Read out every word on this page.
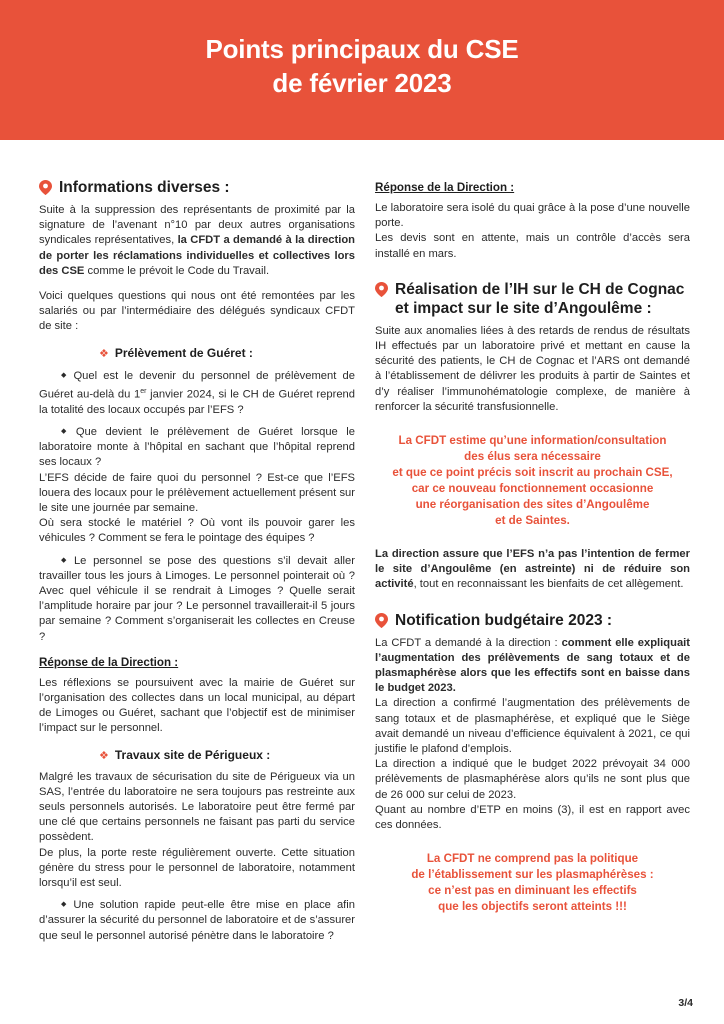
Points principaux du CSE
de février 2023
Informations diverses :

Suite à la suppression des représentants de proximité par la signature de l’avenant n°10 par deux autres organisations syndicales représentatives, la CFDT a demandé à la direction de porter les réclamations individuelles et collectives lors des CSE comme le prévoit le Code du Travail.

Voici quelques questions qui nous ont été remontées par les salariés ou par l’intermédiaire des délégués syndicaux CFDT de site :

❖ Prélèvement de Guéret :

◆ Quel est le devenir du personnel de prélèvement de Guéret au-delà du 1er janvier 2024, si le CH de Guéret reprend la totalité des locaux occupés par l’EFS ?

◆ Que devient le prélèvement de Guéret lorsque le laboratoire monte à l’hôpital en sachant que l’hôpital reprend ses locaux ?

L’EFS décide de faire quoi du personnel ? Est-ce que l’EFS louera des locaux pour le prélèvement actuellement présent sur le site une journée par semaine.

Où sera stocké le matériel ? Où vont ils pouvoir garer les véhicules ? Comment se fera le pointage des équipes ?

◆ Le personnel se pose des questions s’il devait aller travailler tous les jours à Limoges. Le personnel pointerait où ? Avec quel véhicule il se rendrait à Limoges ? Quelle serait l’amplitude horaire par jour ? Le personnel travaillerait-il 5 jours par semaine ? Comment s’organiserait les collectes en Creuse ?

Réponse de la Direction :

Les réflexions se poursuivent avec la mairie de Guéret sur l’organisation des collectes dans un local municipal, au départ de Limoges ou Guéret, sachant que l’objectif est de minimiser l’impact sur le personnel.

❖ Travaux site de Périgueux :

Malgré les travaux de sécurisation du site de Périgueux via un SAS, l’entrée du laboratoire ne sera toujours pas restreinte aux seuls personnels autorisés. Le laboratoire peut être fermé par une clé que certains personnels ne faisant pas parti du service possèdent.

De plus, la porte reste régulièrement ouverte. Cette situation génère du stress pour le personnel de laboratoire, notamment lorsqu’il est seul.

◆ Une solution rapide peut-elle être mise en place afin d’assurer la sécurité du personnel de laboratoire et de s’assurer que seul le personnel autorisé pénètre dans le laboratoire ?

Réponse de la Direction :

Le laboratoire sera isolé du quai grâce à la pose d’une nouvelle porte.

Les devis sont en attente, mais un contrôle d’accès sera installé en mars.

Réalisation de l’IH sur le CH de Cognac et impact sur le site d’Angoulême :

Suite aux anomalies liées à des retards de rendus de résultats IH effectués par un laboratoire privé et mettant en cause la sécurité des patients, le CH de Cognac et l’ARS ont demandé à l’établissement de délivrer les produits à partir de Saintes et d’y réaliser l’immunohématologie complexe, de manière à renforcer la sécurité transfusionnelle.

La CFDT estime qu’une information/consultation
des élus sera nécessaire
et que ce point précis soit inscrit au prochain CSE,
car ce nouveau fonctionnement occasionne
une réorganisation des sites d’Angoulême
et de Saintes.

La direction assure que l’EFS n’a pas l’intention de fermer le site d’Angoulême (en astreinte) ni de réduire son activité, tout en reconnaissant les bienfaits de cet allègement.

Notification budgétaire 2023 :

La CFDT a demandé à la direction : comment elle expliquait l’augmentation des prélèvements de sang totaux et de plasmaphérèse alors que les effectifs sont en baisse dans le budget 2023.

La direction a confirmé l’augmentation des prélèvements de sang totaux et de plasmaphérèse, et expliqué que le Siège avait demandé un niveau d’efficience équivalent à 2021, ce qui justifie le plafond d’emplois.

La direction a indiqué que le budget 2022 prévoyait 34 000 prélèvements de plasmaphérèse alors qu’ils ne sont plus que de 26 000 sur celui de 2023.

Quant au nombre d’ETP en moins (3), il est en rapport avec ces données.

La CFDT ne comprend pas la politique
de l’établissement sur les plasmaphérèses :
ce n’est pas en diminuant les effectifs
que les objectifs seront atteints !!!
3/4
